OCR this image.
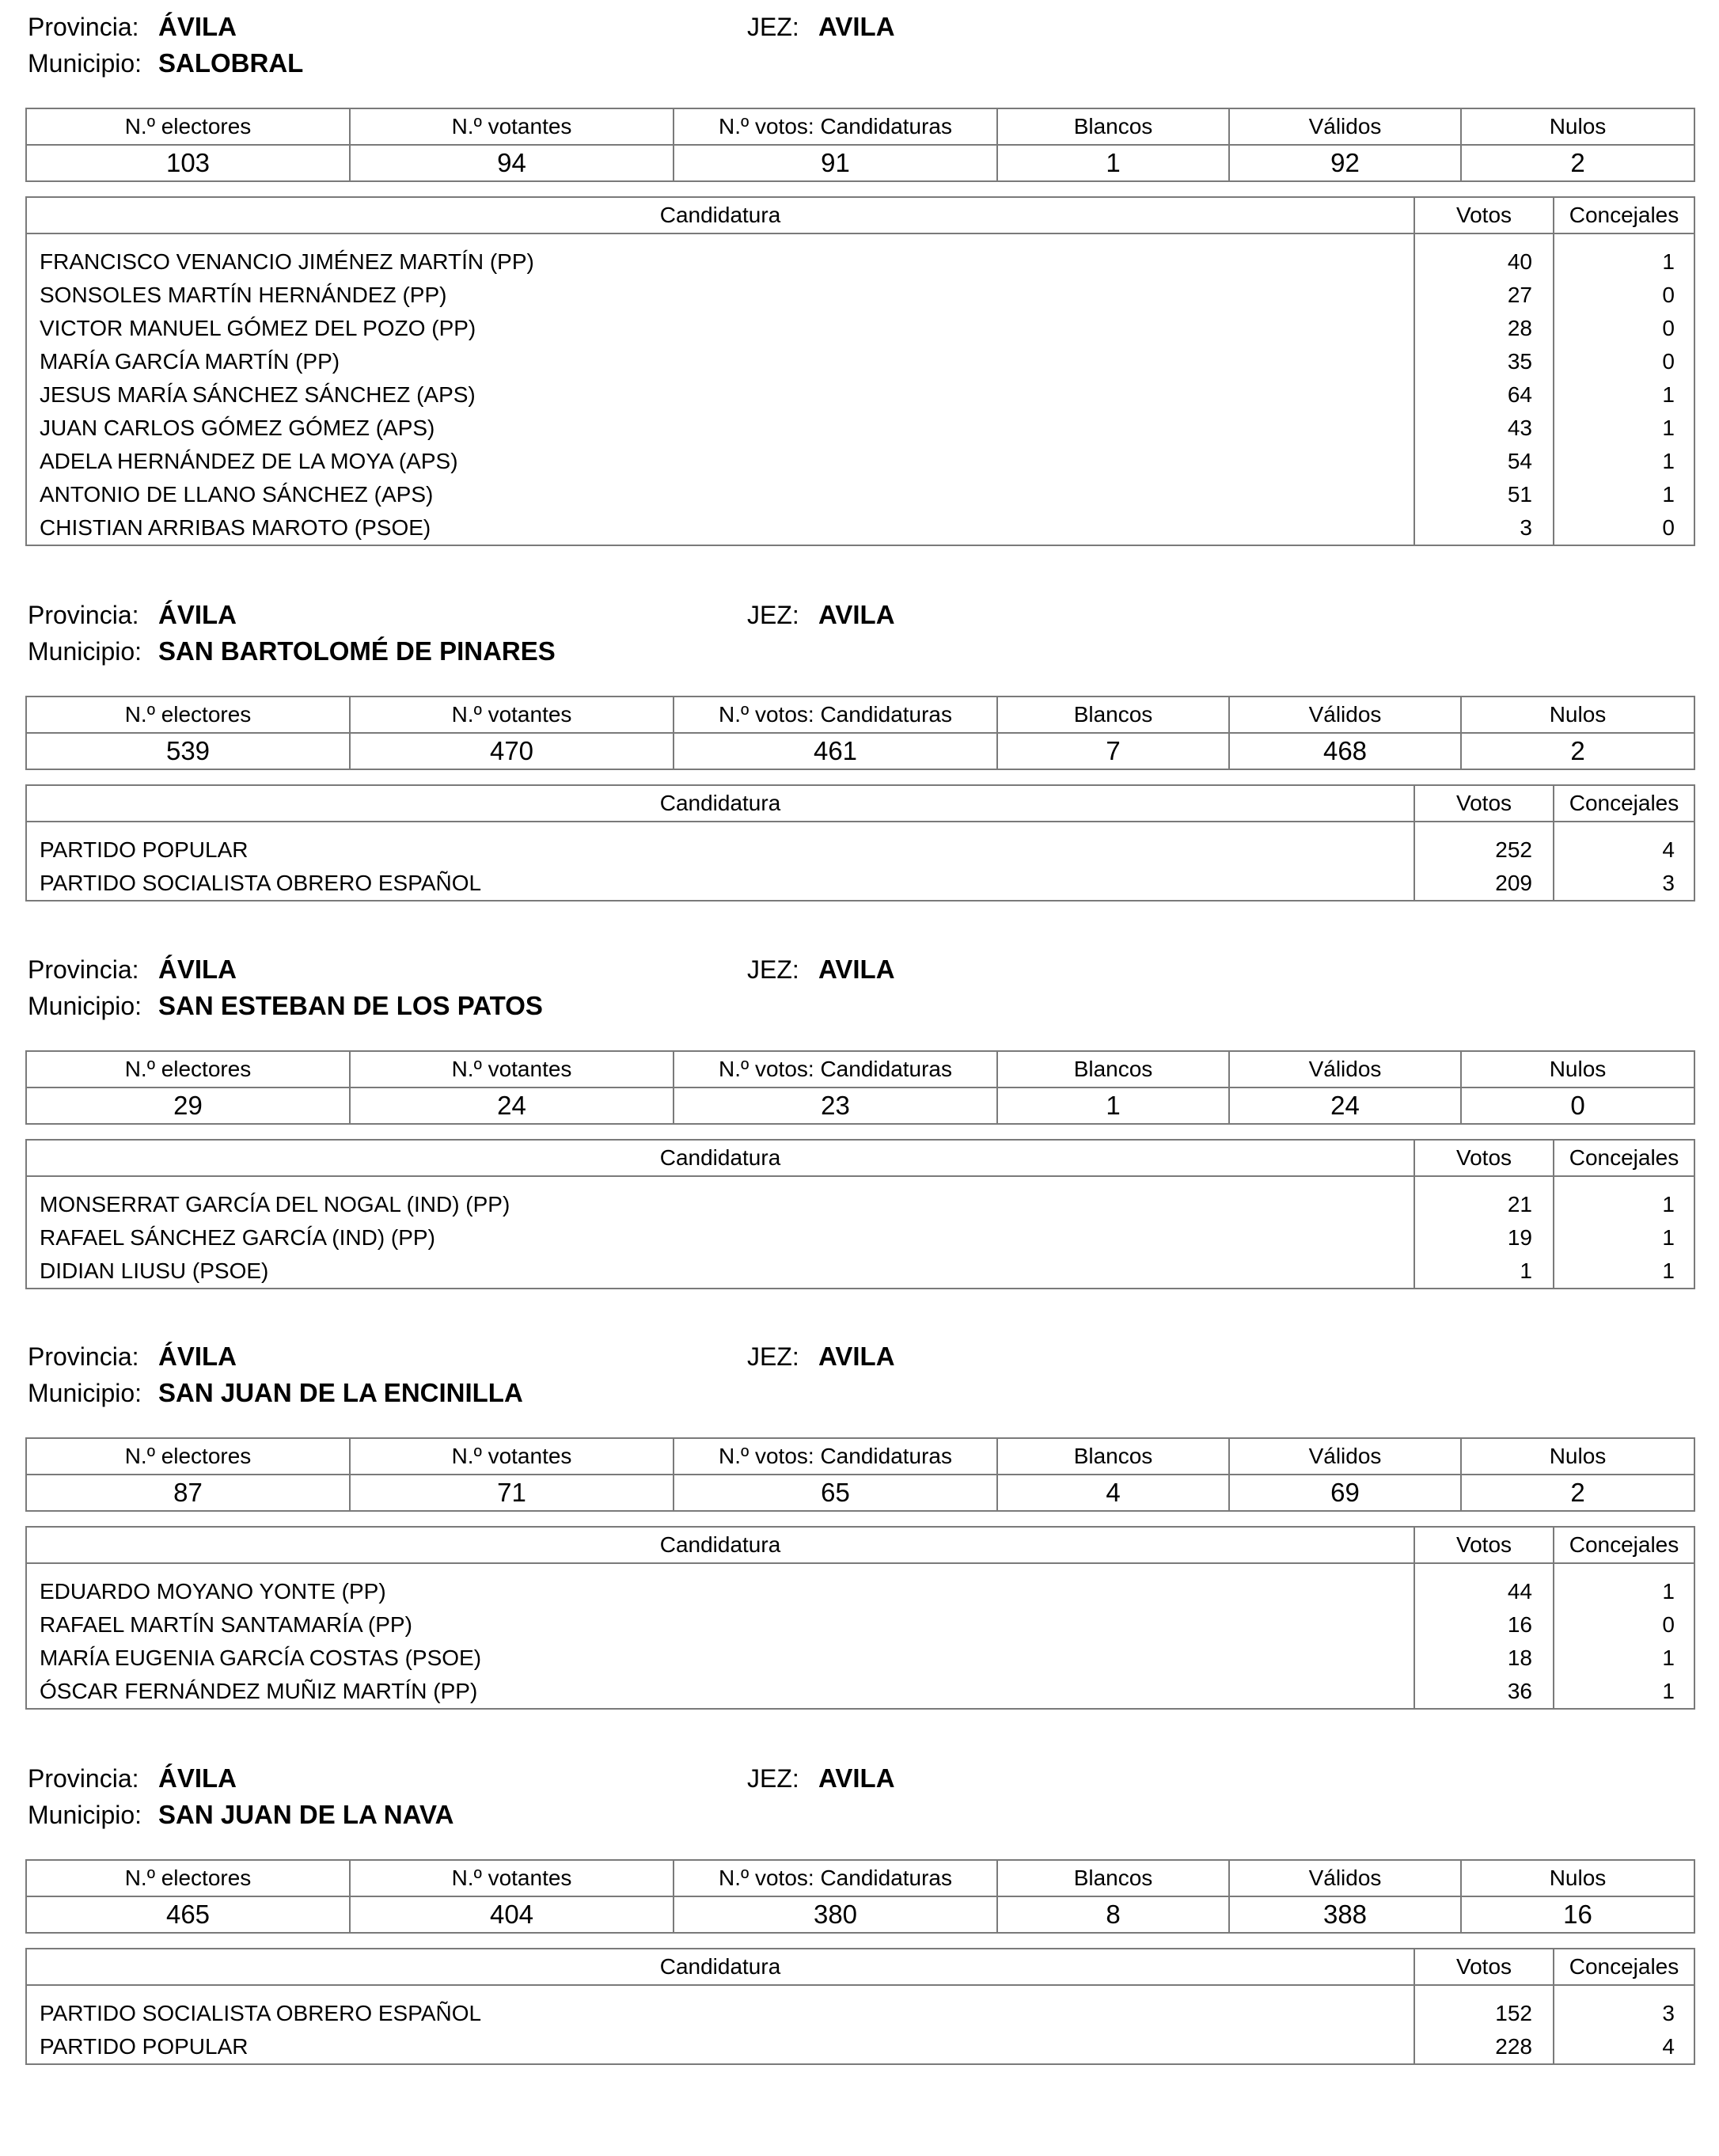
Provincia: ÁVILA	JEZ: AVILA
Municipio: SALOBRAL
N.º electores	N.º votantes	N.º votos: Candidaturas	Blancos	Válidos	Nulos
103	94	91	1	92	2
Candidatura	Votos	Concejales
FRANCISCO VENANCIO JIMÉNEZ MARTÍN (PP)	40	1
SONSOLES MARTÍN HERNÁNDEZ (PP)	27	0
VICTOR MANUEL GÓMEZ DEL POZO (PP)	28	0
MARÍA GARCÍA MARTÍN (PP)	35	0
JESUS MARÍA SÁNCHEZ SÁNCHEZ (APS)	64	1
JUAN CARLOS GÓMEZ GÓMEZ (APS)	43	1
ADELA HERNÁNDEZ DE LA MOYA (APS)	54	1
ANTONIO DE LLANO SÁNCHEZ (APS)	51	1
CHISTIAN ARRIBAS MAROTO (PSOE)	3	0
Provincia: ÁVILA	JEZ: AVILA
Municipio: SAN BARTOLOMÉ DE PINARES
N.º electores	N.º votantes	N.º votos: Candidaturas	Blancos	Válidos	Nulos
539	470	461	7	468	2
Candidatura	Votos	Concejales
PARTIDO POPULAR	252	4
PARTIDO SOCIALISTA OBRERO ESPAÑOL	209	3
Provincia: ÁVILA	JEZ: AVILA
Municipio: SAN ESTEBAN DE LOS PATOS
N.º electores	N.º votantes	N.º votos: Candidaturas	Blancos	Válidos	Nulos
29	24	23	1	24	0
Candidatura	Votos	Concejales
MONSERRAT GARCÍA DEL NOGAL (IND) (PP)	21	1
RAFAEL SÁNCHEZ GARCÍA (IND) (PP)	19	1
DIDIAN LIUSU (PSOE)	1	1
Provincia: ÁVILA	JEZ: AVILA
Municipio: SAN JUAN DE LA ENCINILLA
N.º electores	N.º votantes	N.º votos: Candidaturas	Blancos	Válidos	Nulos
87	71	65	4	69	2
Candidatura	Votos	Concejales
EDUARDO MOYANO YONTE (PP)	44	1
RAFAEL MARTÍN SANTAMARÍA (PP)	16	0
MARÍA EUGENIA GARCÍA COSTAS (PSOE)	18	1
ÓSCAR FERNÁNDEZ MUÑIZ MARTÍN (PP)	36	1
Provincia: ÁVILA	JEZ: AVILA
Municipio: SAN JUAN DE LA NAVA
N.º electores	N.º votantes	N.º votos: Candidaturas	Blancos	Válidos	Nulos
465	404	380	8	388	16
Candidatura	Votos	Concejales
PARTIDO SOCIALISTA OBRERO ESPAÑOL	152	3
PARTIDO POPULAR	228	4
